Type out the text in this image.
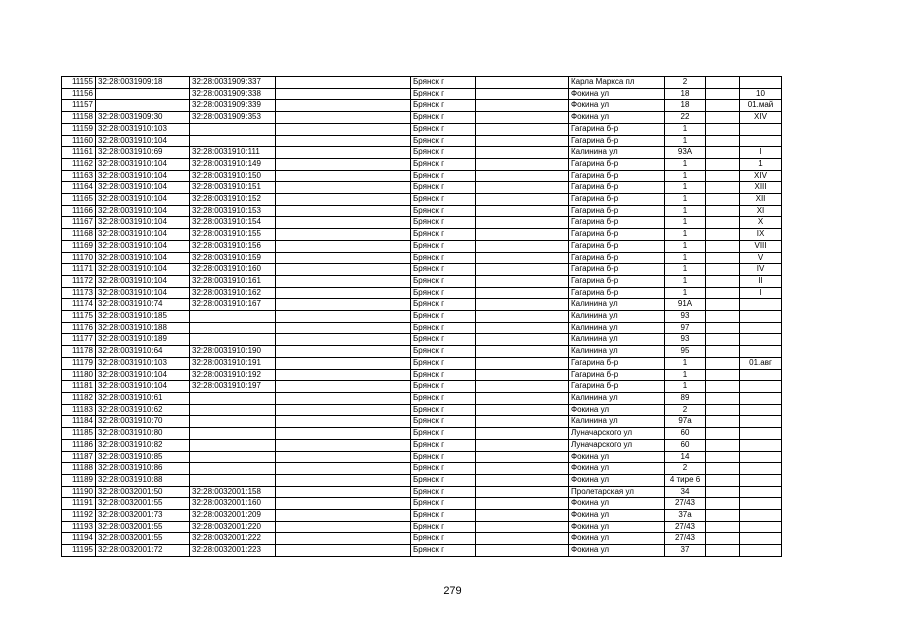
11155	32:28:0031909:18	32:28:0031909:337		Брянск г		Карла Маркса пл	2		
11156		32:28:0031909:338		Брянск г		Фокина ул	18		10
11157		32:28:0031909:339		Брянск г		Фокина ул	18		01.май
11158	32:28:0031909:30	32:28:0031909:353		Брянск г		Фокина ул	22		XIV
11159	32:28:0031910:103			Брянск г		Гагарина б-р	1		
11160	32:28:0031910:104			Брянск г		Гагарина б-р	1		
11161	32:28:0031910:69	32:28:0031910:111		Брянск г		Калинина ул	93А		I
11162	32:28:0031910:104	32:28:0031910:149		Брянск г		Гагарина б-р	1		1
11163	32:28:0031910:104	32:28:0031910:150		Брянск г		Гагарина б-р	1		XIV
11164	32:28:0031910:104	32:28:0031910:151		Брянск г		Гагарина б-р	1		XIII
11165	32:28:0031910:104	32:28:0031910:152		Брянск г		Гагарина б-р	1		XII
11166	32:28:0031910:104	32:28:0031910:153		Брянск г		Гагарина б-р	1		XI
11167	32:28:0031910:104	32:28:0031910:154		Брянск г		Гагарина б-р	1		X
11168	32:28:0031910:104	32:28:0031910:155		Брянск г		Гагарина б-р	1		IX
11169	32:28:0031910:104	32:28:0031910:156		Брянск г		Гагарина б-р	1		VIII
11170	32:28:0031910:104	32:28:0031910:159		Брянск г		Гагарина б-р	1		V
11171	32:28:0031910:104	32:28:0031910:160		Брянск г		Гагарина б-р	1		IV
11172	32:28:0031910:104	32:28:0031910:161		Брянск г		Гагарина б-р	1		II
11173	32:28:0031910:104	32:28:0031910:162		Брянск г		Гагарина б-р	1		I
11174	32:28:0031910:74	32:28:0031910:167		Брянск г		Калинина ул	91А		
11175	32:28:0031910:185			Брянск г		Калинина ул	93		
11176	32:28:0031910:188			Брянск г		Калинина ул	97		
11177	32:28:0031910:189			Брянск г		Калинина ул	93		
11178	32:28:0031910:64	32:28:0031910:190		Брянск г		Калинина ул	95		
11179	32:28:0031910:103	32:28:0031910:191		Брянск г		Гагарина б-р	1		01.авг
11180	32:28:0031910:104	32:28:0031910:192		Брянск г		Гагарина б-р	1		
11181	32:28:0031910:104	32:28:0031910:197		Брянск г		Гагарина б-р	1		
11182	32:28:0031910:61			Брянск г		Калинина ул	89		
11183	32:28:0031910:62			Брянск г		Фокина ул	2		
11184	32:28:0031910:70			Брянск г		Калинина ул	97а		
11185	32:28:0031910:80			Брянск г		Луначарского ул	60		
11186	32:28:0031910:82			Брянск г		Луначарского ул	60		
11187	32:28:0031910:85			Брянск г		Фокина ул	14		
11188	32:28:0031910:86			Брянск г		Фокина ул	2		
11189	32:28:0031910:88			Брянск г		Фокина ул	4 тире 6		
11190	32:28:0032001:50	32:28:0032001:158		Брянск г		Пролетарская ул	34		
11191	32:28:0032001:55	32:28:0032001:160		Брянск г		Фокина ул	27/43		
11192	32:28:0032001:73	32:28:0032001:209		Брянск г		Фокина ул	37а		
11193	32:28:0032001:55	32:28:0032001:220		Брянск г		Фокина ул	27/43		
11194	32:28:0032001:55	32:28:0032001:222		Брянск г		Фокина ул	27/43		
11195	32:28:0032001:72	32:28:0032001:223		Брянск г		Фокина ул	37		
279
